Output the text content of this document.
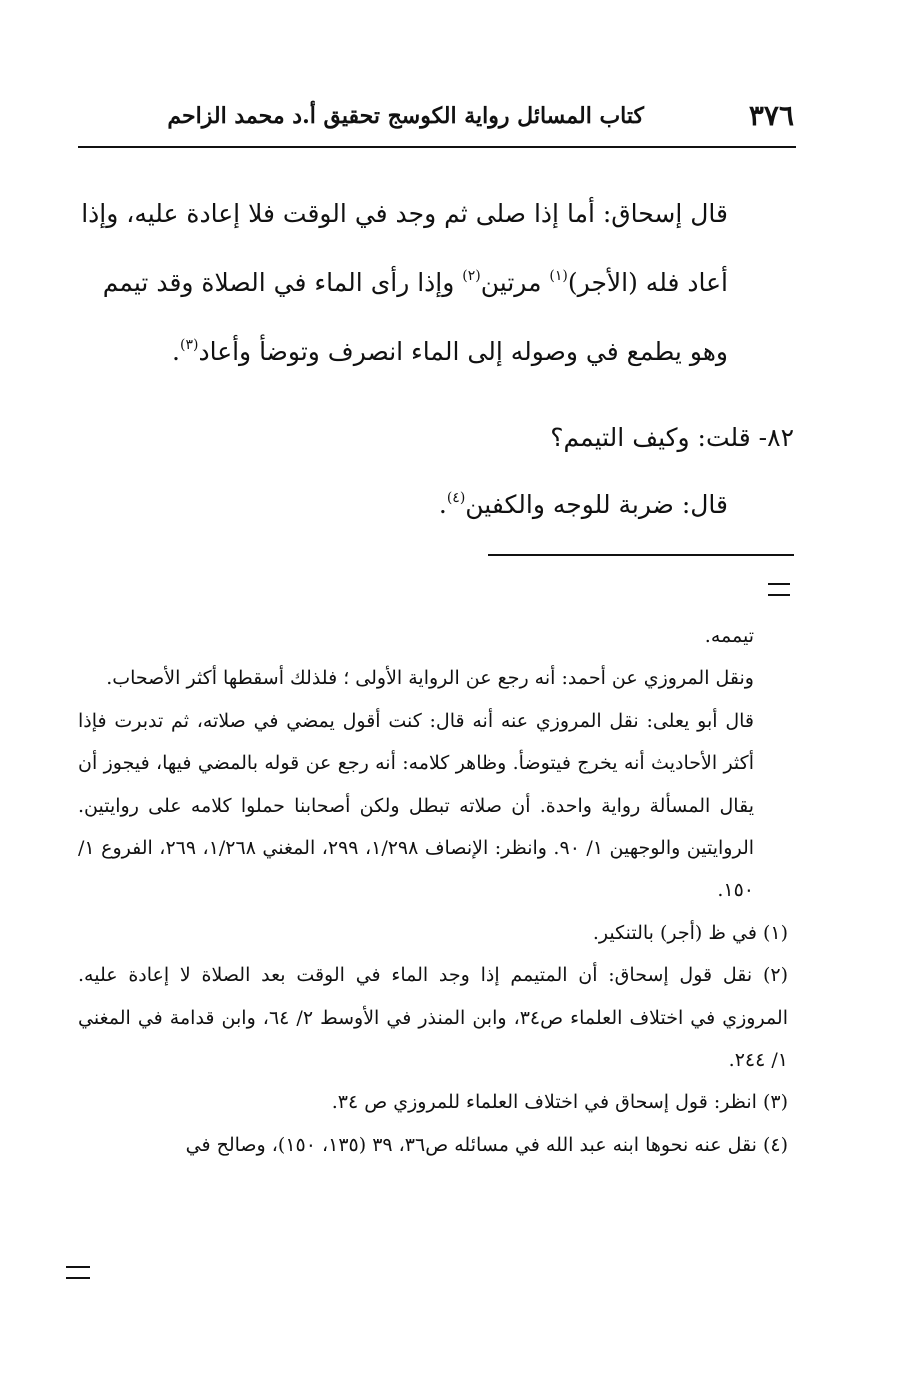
٣٧٦
كتاب المسائل رواية الكوسج تحقيق أ.د محمد الزاحم

قال إسحاق: أما إذا صلى ثم وجد في الوقت فلا إعادة عليه، وإذا

أعاد فله (الأجر)$^{(١)}$ مرتين$^{(٢)}$ وإذا رأى الماء في الصلاة وقد تيمم

وهو يطمع في وصوله إلى الماء انصرف وتوضأ وأعاد$^{(٣)}$.

٨٢- قلت: وكيف التيمم؟

قال: ضربة للوجه والكفين$^{(٤)}$.

تيممه.

ونقل المروزي عن أحمد: أنه رجع عن الرواية الأولى ؛ فلذلك أسقطها أكثر الأصحاب.

قال أبو يعلى: نقل المروزي عنه أنه قال: كنت أقول يمضي في صلاته، ثم تدبرت فإذا أكثر الأحاديث أنه يخرج فيتوضأ. وظاهر كلامه: أنه رجع عن قوله بالمضي فيها، فيجوز أن يقال المسألة رواية واحدة. أن صلاته تبطل ولكن أصحابنا حملوا كلامه على روايتين. الروايتين والوجهين ١/ ٩٠. وانظر: الإنصاف ١/٢٩٨، ٢٩٩، المغني ١/٢٦٨، ٢٦٩، الفروع ١/ ١٥٠.

(١) في ظ (أجر) بالتنكير.

(٢) نقل قول إسحاق: أن المتيمم إذا وجد الماء في الوقت بعد الصلاة لا إعادة عليه. المروزي في اختلاف العلماء ص٣٤، وابن المنذر في الأوسط ٢/ ٦٤، وابن قدامة في المغني ١/ ٢٤٤.

(٣) انظر: قول إسحاق في اختلاف العلماء للمروزي ص ٣٤.

(٤) نقل عنه نحوها ابنه عبد الله في مسائله ص٣٦، ٣٩ (١٣٥، ١٥٠)، وصالح في
